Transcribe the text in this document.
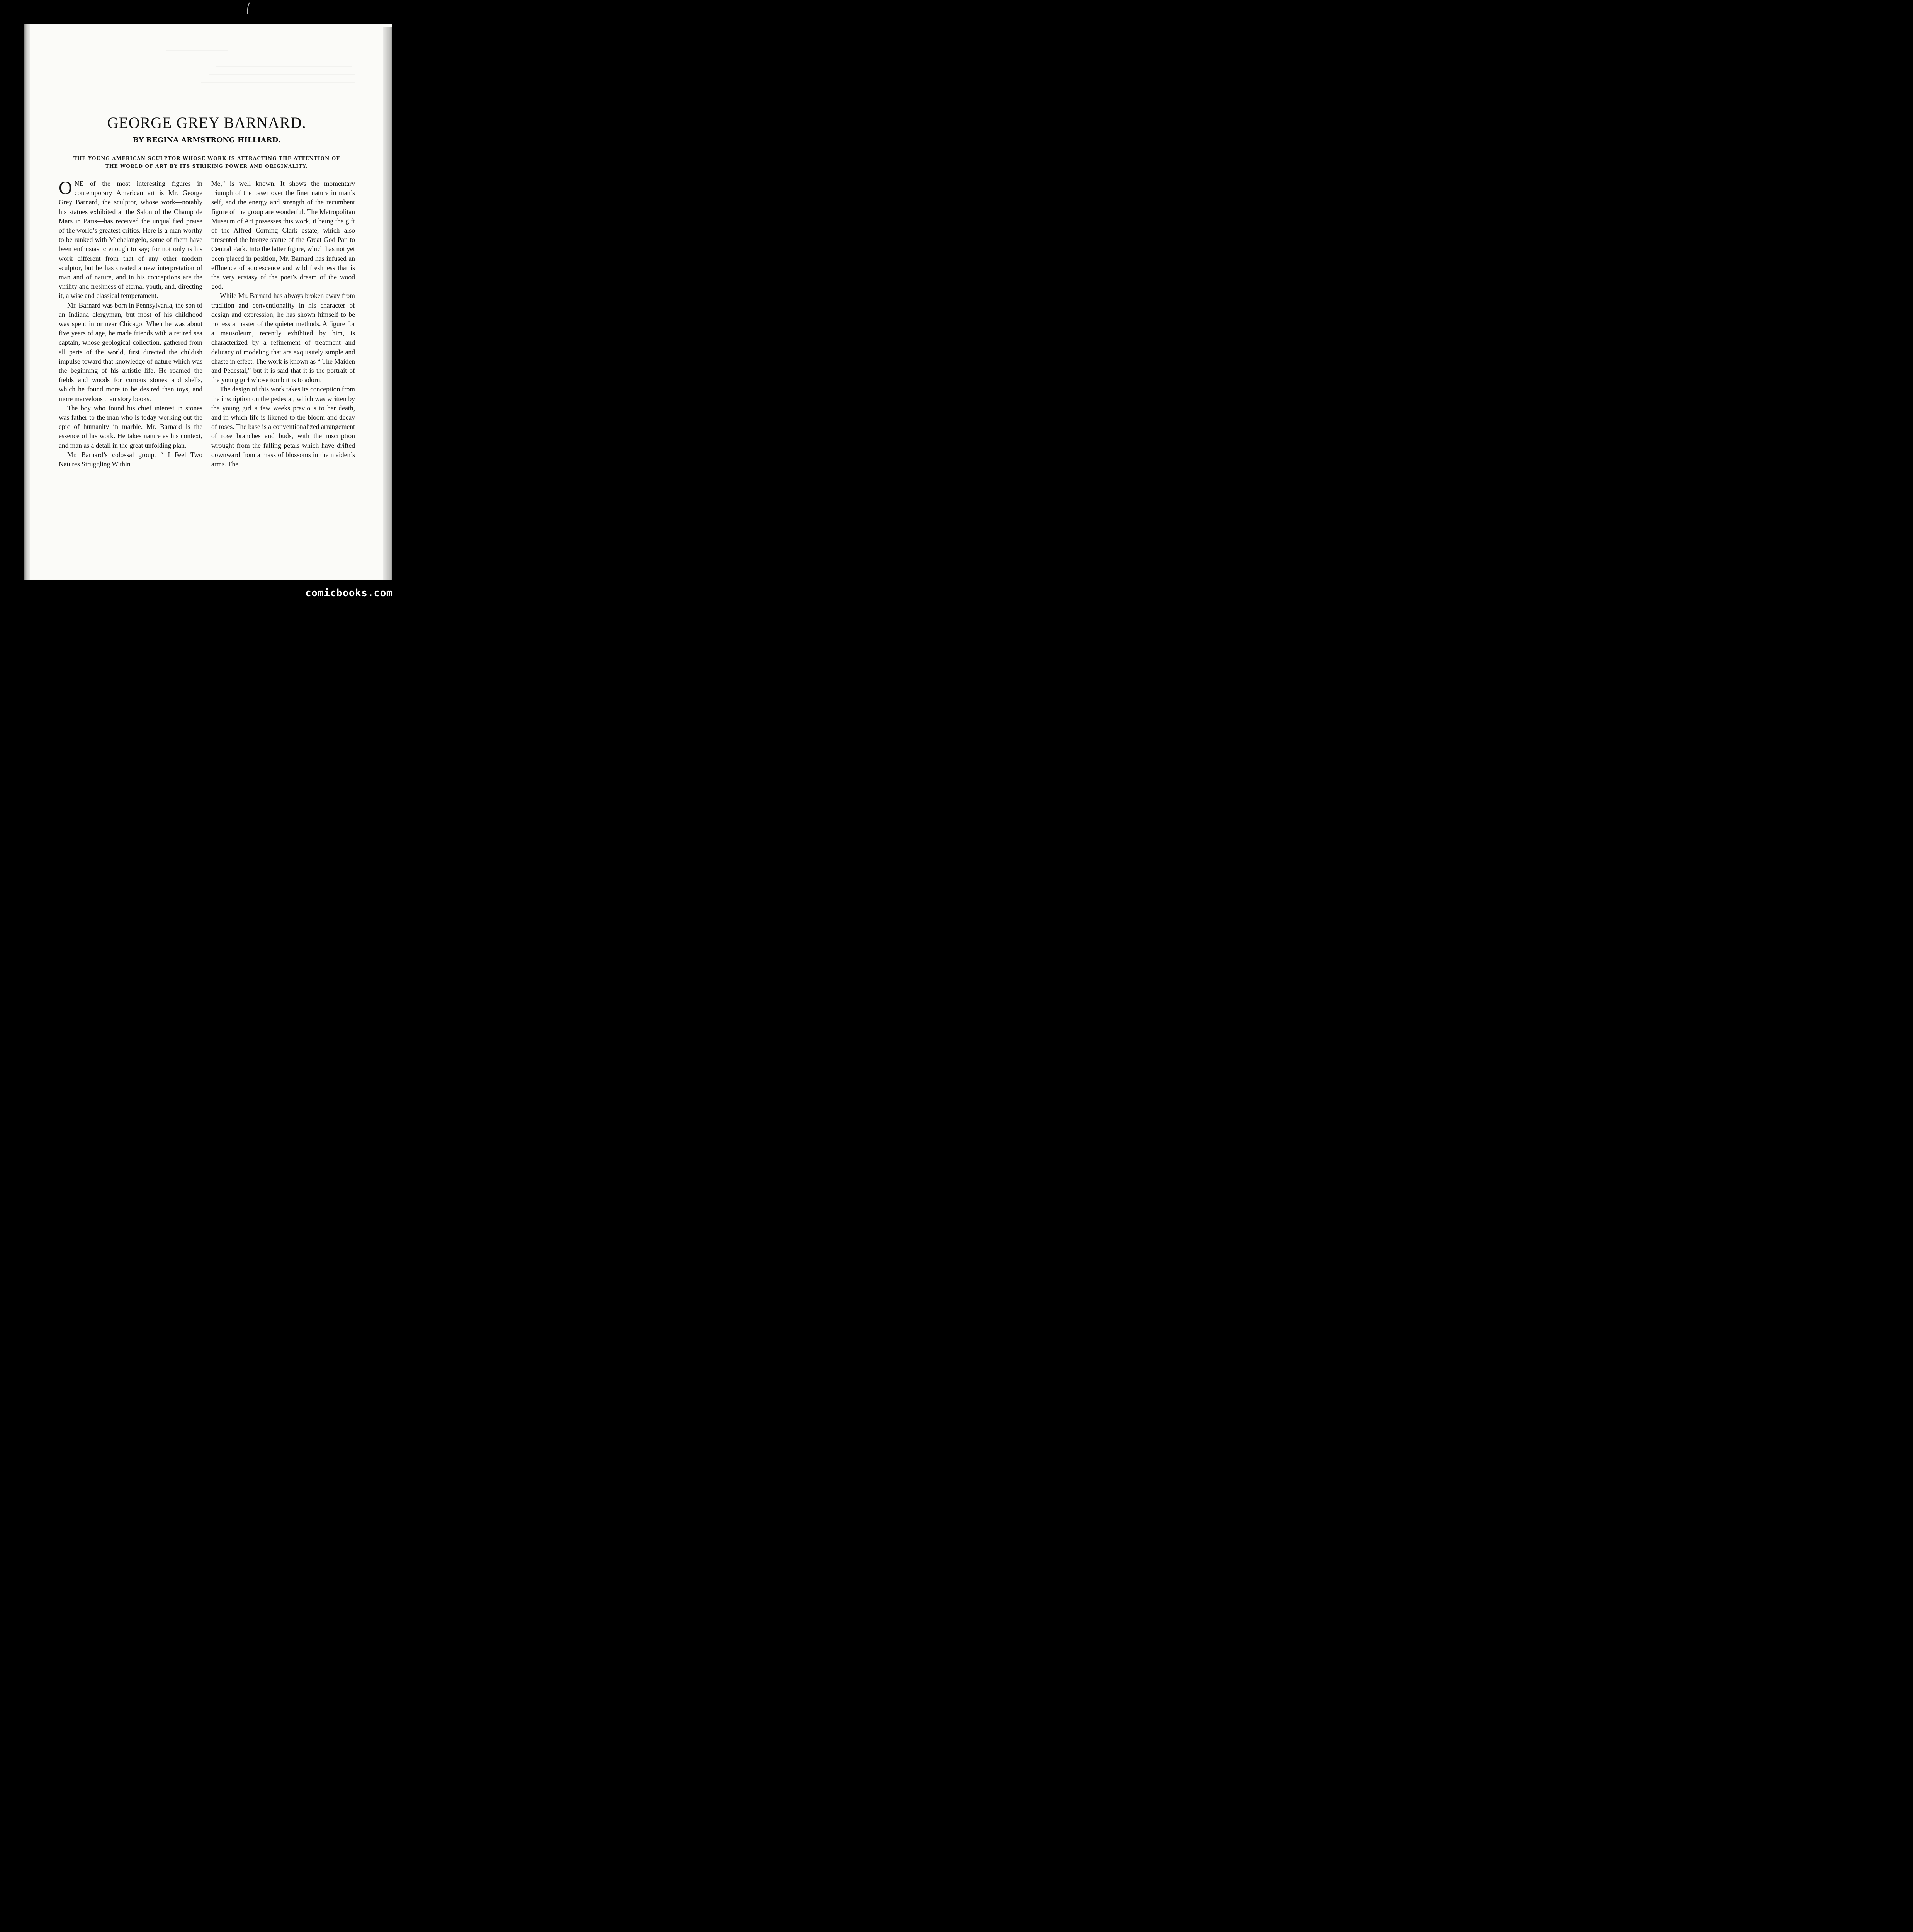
GEORGE GREY BARNARD.
BY REGINA ARMSTRONG HILLIARD.
THE YOUNG AMERICAN SCULPTOR WHOSE WORK IS ATTRACTING THE ATTENTION OF
THE WORLD OF ART BY ITS STRIKING POWER AND ORIGINALITY.

ONE of the most interesting figures in contemporary American art is Mr. George Grey Barnard, the sculptor, whose work—notably his statues exhibited at the Salon of the Champ de Mars in Paris—has received the unqualified praise of the world’s greatest critics. Here is a man worthy to be ranked with Michelangelo, some of them have been enthusiastic enough to say; for not only is his work different from that of any other modern sculptor, but he has created a new interpretation of man and of nature, and in his conceptions are the virility and freshness of eternal youth, and, directing it, a wise and classical temperament.

Mr. Barnard was born in Pennsylvania, the son of an Indiana clergyman, but most of his childhood was spent in or near Chicago. When he was about five years of age, he made friends with a retired sea captain, whose geological collection, gathered from all parts of the world, first directed the childish impulse toward that knowledge of nature which was the beginning of his artistic life. He roamed the fields and woods for curious stones and shells, which he found more to be desired than toys, and more marvelous than story books.

The boy who found his chief interest in stones was father to the man who is today working out the epic of humanity in marble. Mr. Barnard is the essence of his work. He takes nature as his context, and man as a detail in the great unfolding plan.

Mr. Barnard’s colossal group, “ I Feel Two Natures Struggling Within

Me,” is well known. It shows the momentary triumph of the baser over the finer nature in man’s self, and the energy and strength of the recumbent figure of the group are wonderful. The Metropolitan Museum of Art possesses this work, it being the gift of the Alfred Corning Clark estate, which also presented the bronze statue of the Great God Pan to Central Park. Into the latter figure, which has not yet been placed in position, Mr. Barnard has infused an effluence of adolescence and wild freshness that is the very ecstasy of the poet’s dream of the wood god.

While Mr. Barnard has always broken away from tradition and conventionality in his character of design and expression, he has shown himself to be no less a master of the quieter methods. A figure for a mausoleum, recently exhibited by him, is characterized by a refinement of treatment and delicacy of modeling that are exquisitely simple and chaste in effect. The work is known as “ The Maiden and Pedestal,” but it is said that it is the portrait of the young girl whose tomb it is to adorn.

The design of this work takes its conception from the inscription on the pedestal, which was written by the young girl a few weeks previous to her death, and in which life is likened to the bloom and decay of roses. The base is a conventionalized arrangement of rose branches and buds, with the inscription wrought from the falling petals which have drifted downward from a mass of blossoms in the maiden’s arms. The

comicbooks.com
